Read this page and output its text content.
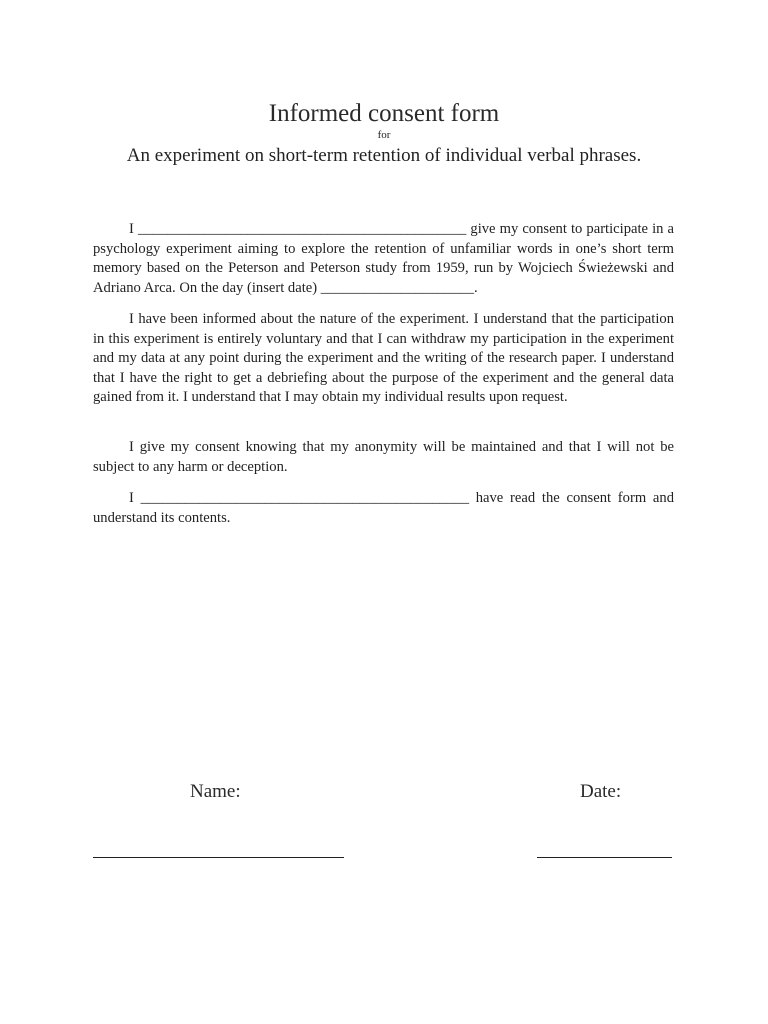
Informed consent form
for
An experiment on short-term retention of individual verbal phrases.

I _____________________________________________ give my consent to participate in a psychology experiment aiming to explore the retention of unfamiliar words in one’s short term memory based on the Peterson and Peterson study from 1959, run by Wojciech Świeżewski and Adriano Arca. On the day (insert date) _____________________.

I have been informed about the nature of the experiment. I understand that the participation in this experiment is entirely voluntary and that I can withdraw my participation in the experiment and my data at any point during the experiment and the writing of the research paper. I understand that I have the right to get a debriefing about the purpose of the experiment and the general data gained from it. I understand that I may obtain my individual results upon request.

I give my consent knowing that my anonymity will be maintained and that I will not be subject to any harm or deception.

I _____________________________________________ have read the consent form and understand its contents.

Name:	Date:
